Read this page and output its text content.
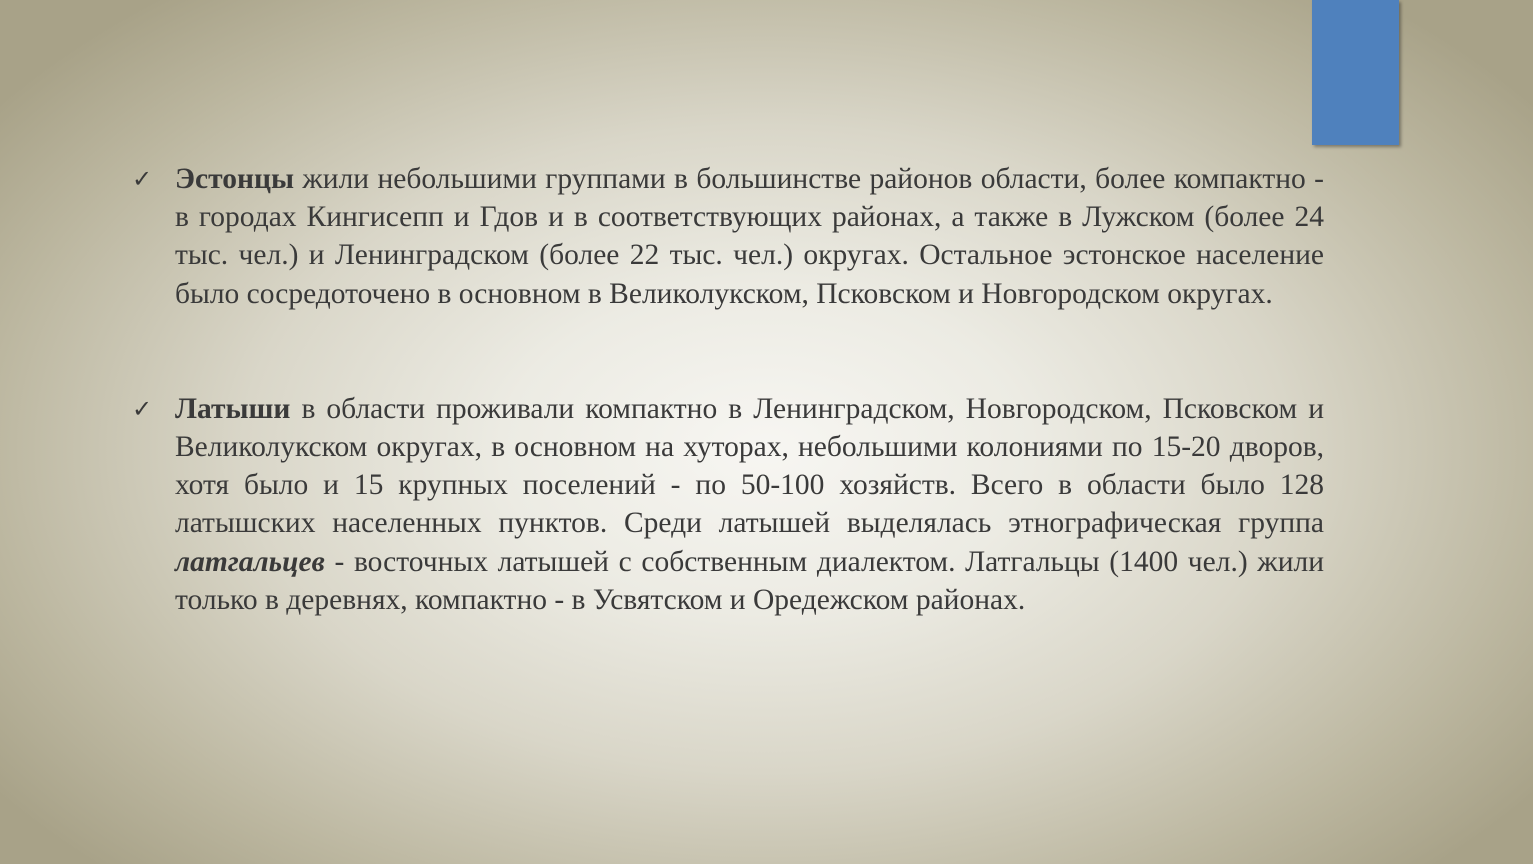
✓ Эстонцы жили небольшими группами в большинстве районов области, более компактно - в городах Кингисепп и Гдов и в соответствующих районах, а также в Лужском (более 24 тыс. чел.) и Ленинградском (более 22 тыс. чел.) округах. Остальное эстонское население было сосредоточено в основном в Великолукском, Псковском и Новгородском округах.
✓ Латыши в области проживали компактно в Ленинградском, Новгородском, Псковском и Великолукском округах, в основном на хуторах, небольшими колониями по 15-20 дворов, хотя было и 15 крупных поселений - по 50-100 хозяйств. Всего в области было 128 латышских населенных пунктов. Среди латышей выделялась этнографическая группа латгальцев - восточных латышей с собственным диалектом. Латгальцы (1400 чел.) жили только в деревнях, компактно - в Усвятском и Оредежском районах.
